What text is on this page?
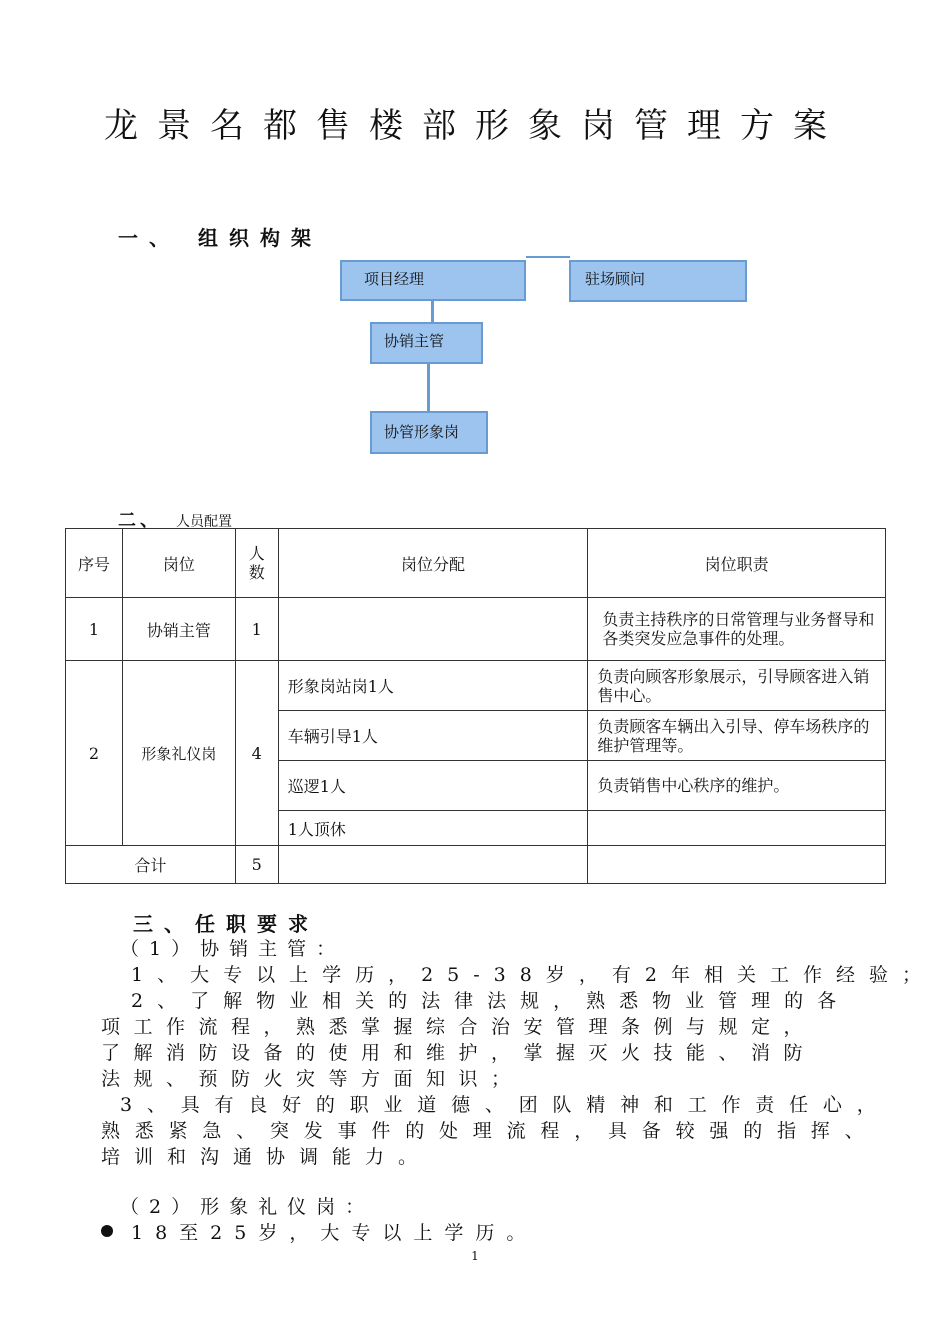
龙景名都售楼部形象岗管理方案
一、 组织构架
项目经理	驻场顾问
协销主管
协管形象岗
二、 人员配置
序号	岗位	人数	岗位分配	岗位职责
1	协销主管	1		负责主持秩序的日常管理与业务督导和各类突发应急事件的处理。
2	形象礼仪岗	4	形象岗站岗1人	负责向顾客形象展示，引导顾客进入销售中心。
			车辆引导1人	负责顾客车辆出入引导、停车场秩序的维护管理等。
			巡逻1人	负责销售中心秩序的维护。
			1人顶休	
合计		5		
三、任职要求
（1）协销主管：
1、大专以上学历，25-38岁，有2年相关工作经验；
2、了解物业相关的法律法规，熟悉物业管理的各
项工作流程，熟悉掌握综合治安管理条例与规定，
了解消防设备的使用和维护，掌握灭火技能、消防
法规、预防火灾等方面知识；
3、具有良好的职业道德、团队精神和工作责任心，
熟悉紧急、突发事件的处理流程，具备较强的指挥、
培训和沟通协调能力。
（2）形象礼仪岗：
18至25岁，大专以上学历。
1
